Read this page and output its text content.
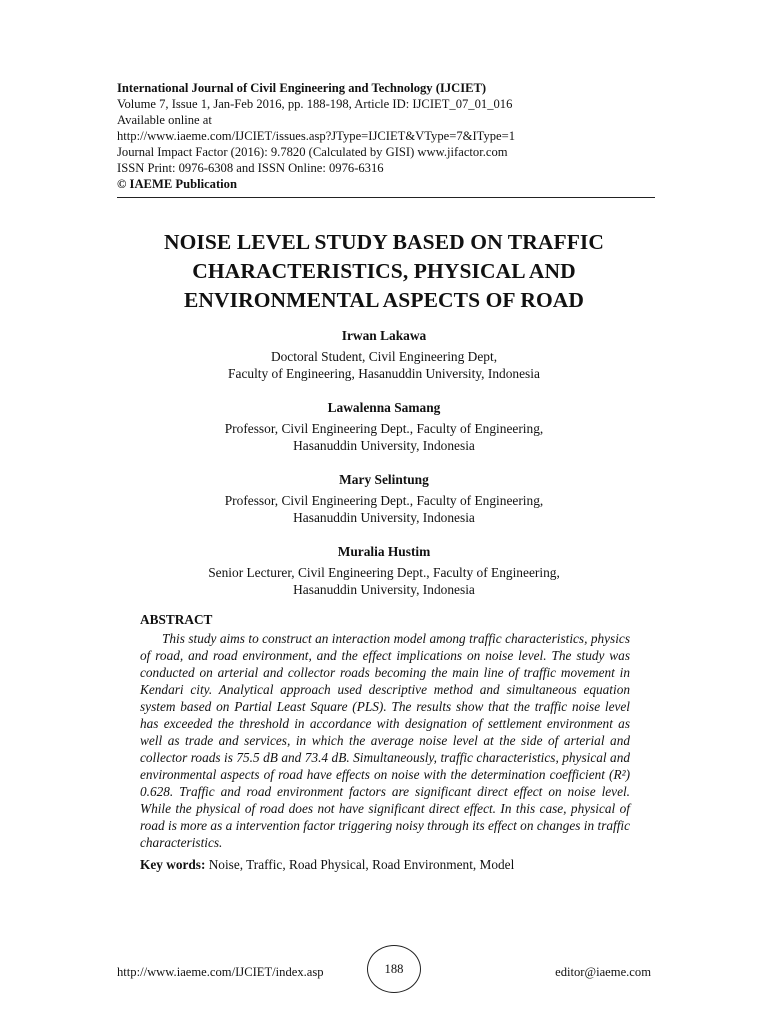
International Journal of Civil Engineering and Technology (IJCIET)
Volume 7, Issue 1, Jan-Feb 2016, pp. 188-198, Article ID: IJCIET_07_01_016
Available online at
http://www.iaeme.com/IJCIET/issues.asp?JType=IJCIET&VType=7&IType=1
Journal Impact Factor (2016): 9.7820 (Calculated by GISI) www.jifactor.com
ISSN Print: 0976-6308 and ISSN Online: 0976-6316
© IAEME Publication
NOISE LEVEL STUDY BASED ON TRAFFIC
CHARACTERISTICS, PHYSICAL AND
ENVIRONMENTAL ASPECTS OF ROAD
Irwan Lakawa
Doctoral Student, Civil Engineering Dept,
Faculty of Engineering, Hasanuddin University, Indonesia
Lawalenna Samang
Professor, Civil Engineering Dept., Faculty of Engineering,
Hasanuddin University, Indonesia
Mary Selintung
Professor, Civil Engineering Dept., Faculty of Engineering,
Hasanuddin University, Indonesia
Muralia Hustim
Senior Lecturer, Civil Engineering Dept., Faculty of Engineering,
Hasanuddin University, Indonesia
ABSTRACT

This study aims to construct an interaction model among traffic characteristics, physics of road, and road environment, and the effect implications on noise level. The study was conducted on arterial and collector roads becoming the main line of traffic movement in Kendari city. Analytical approach used descriptive method and simultaneous equation system based on Partial Least Square (PLS). The results show that the traffic noise level has exceeded the threshold in accordance with designation of settlement environment as well as trade and services, in which the average noise level at the side of arterial and collector roads is 75.5 dB and 73.4 dB. Simultaneously, traffic characteristics, physical and environmental aspects of road have effects on noise with the determination coefficient (R²) 0.628. Traffic and road environment factors are significant direct effect on noise level. While the physical of road does not have significant direct effect. In this case, physical of road is more as a intervention factor triggering noisy through its effect on changes in traffic characteristics.

Key words: Noise, Traffic, Road Physical, Road Environment, Model
http://www.iaeme.com/IJCIET/index.asp	188	editor@iaeme.com
